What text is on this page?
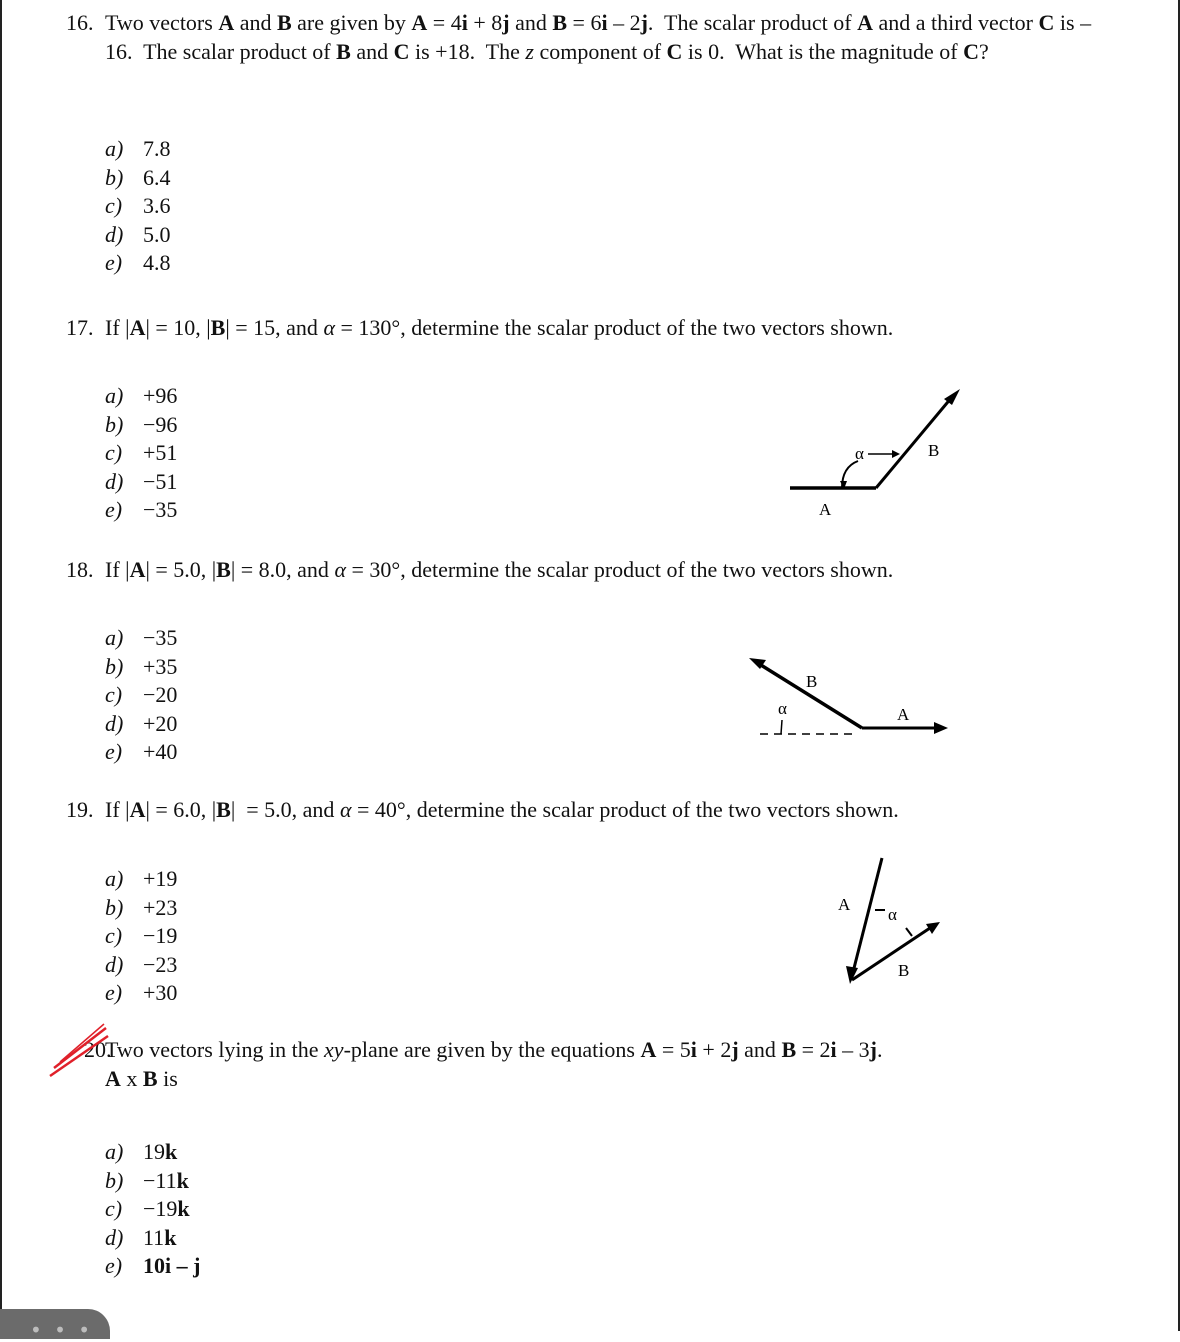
16. Two vectors A and B are given by A = 4i + 8j and B = 6i – 2j.  The scalar product of A and a third vector C is –16.  The scalar product of B and C is +18.  The z component of C is 0.  What is the magnitude of C?
a) 7.8
b) 6.4
c) 3.6
d) 5.0
e) 4.8
17. If |A| = 10, |B| = 15, and α = 130°, determine the scalar product of the two vectors shown.
a) +96
b) −96
c) +51
d) −51
e) −35
α	B
A
18. If |A| = 5.0, |B| = 8.0, and α = 30°, determine the scalar product of the two vectors shown.
a) −35
b) +35
c) −20
d) +20
e) +40
α
B
A
19. If |A| = 6.0, |B|  = 5.0, and α = 40°, determine the scalar product of the two vectors shown.
a) +19
b) +23
c) −19
d) −23
e) +30
A
α
B
20.
Two vectors lying in the xy-plane are given by the equations A = 5i + 2j and B = 2i – 3j.
A x B is
a) 19k
b) −11k
c) −19k
d) 11k
e) 10i – j
• • •
